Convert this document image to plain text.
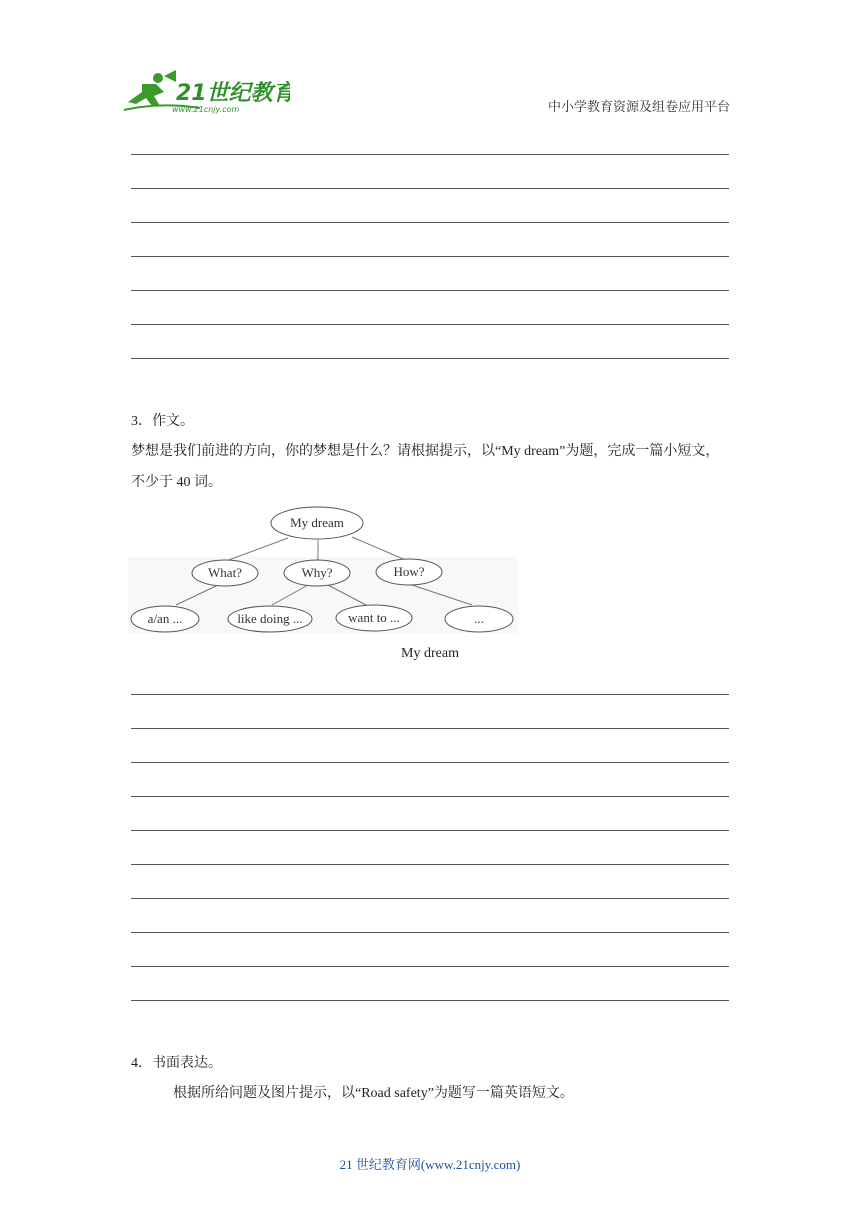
21世纪教育
www.21cnjy.com	中小学教育资源及组卷应用平台
3．作文。
梦想是我们前进的方向，你的梦想是什么？请根据提示，以“My dream”为题，完成一篇小短文，不少于 40 词。
My dream
What?	Why?	How?
a/an ...	like doing ...	want to ...	...
My dream
4．书面表达。
根据所给问题及图片提示，以“Road safety”为题写一篇英语短文。
21 世纪教育网(www.21cnjy.com)
